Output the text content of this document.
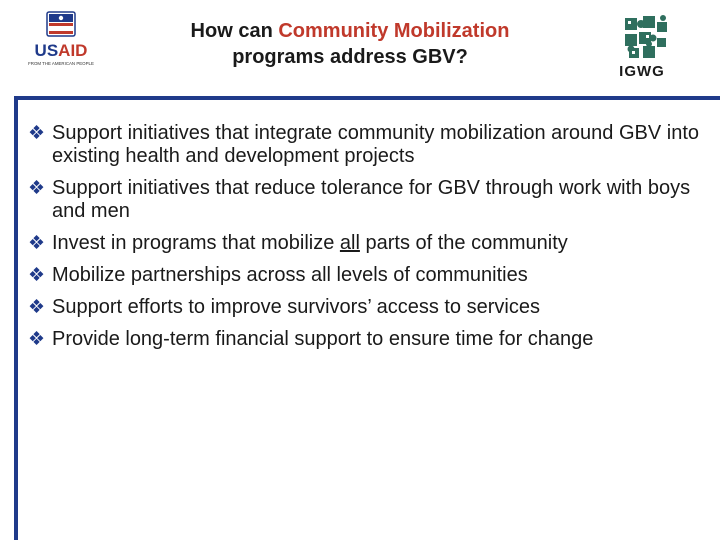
USAID
FROM THE AMERICAN PEOPLE
How can Community Mobilization
programs address GBV?
IGWG
❖ Support initiatives that integrate community mobilization around GBV into existing health and development projects
❖ Support initiatives that reduce tolerance for GBV through work with boys and men
❖ Invest in programs that mobilize all parts of the community
❖ Mobilize partnerships across all levels of communities
❖ Support efforts to improve survivors’ access to services
❖ Provide long-term financial support to ensure time for change
